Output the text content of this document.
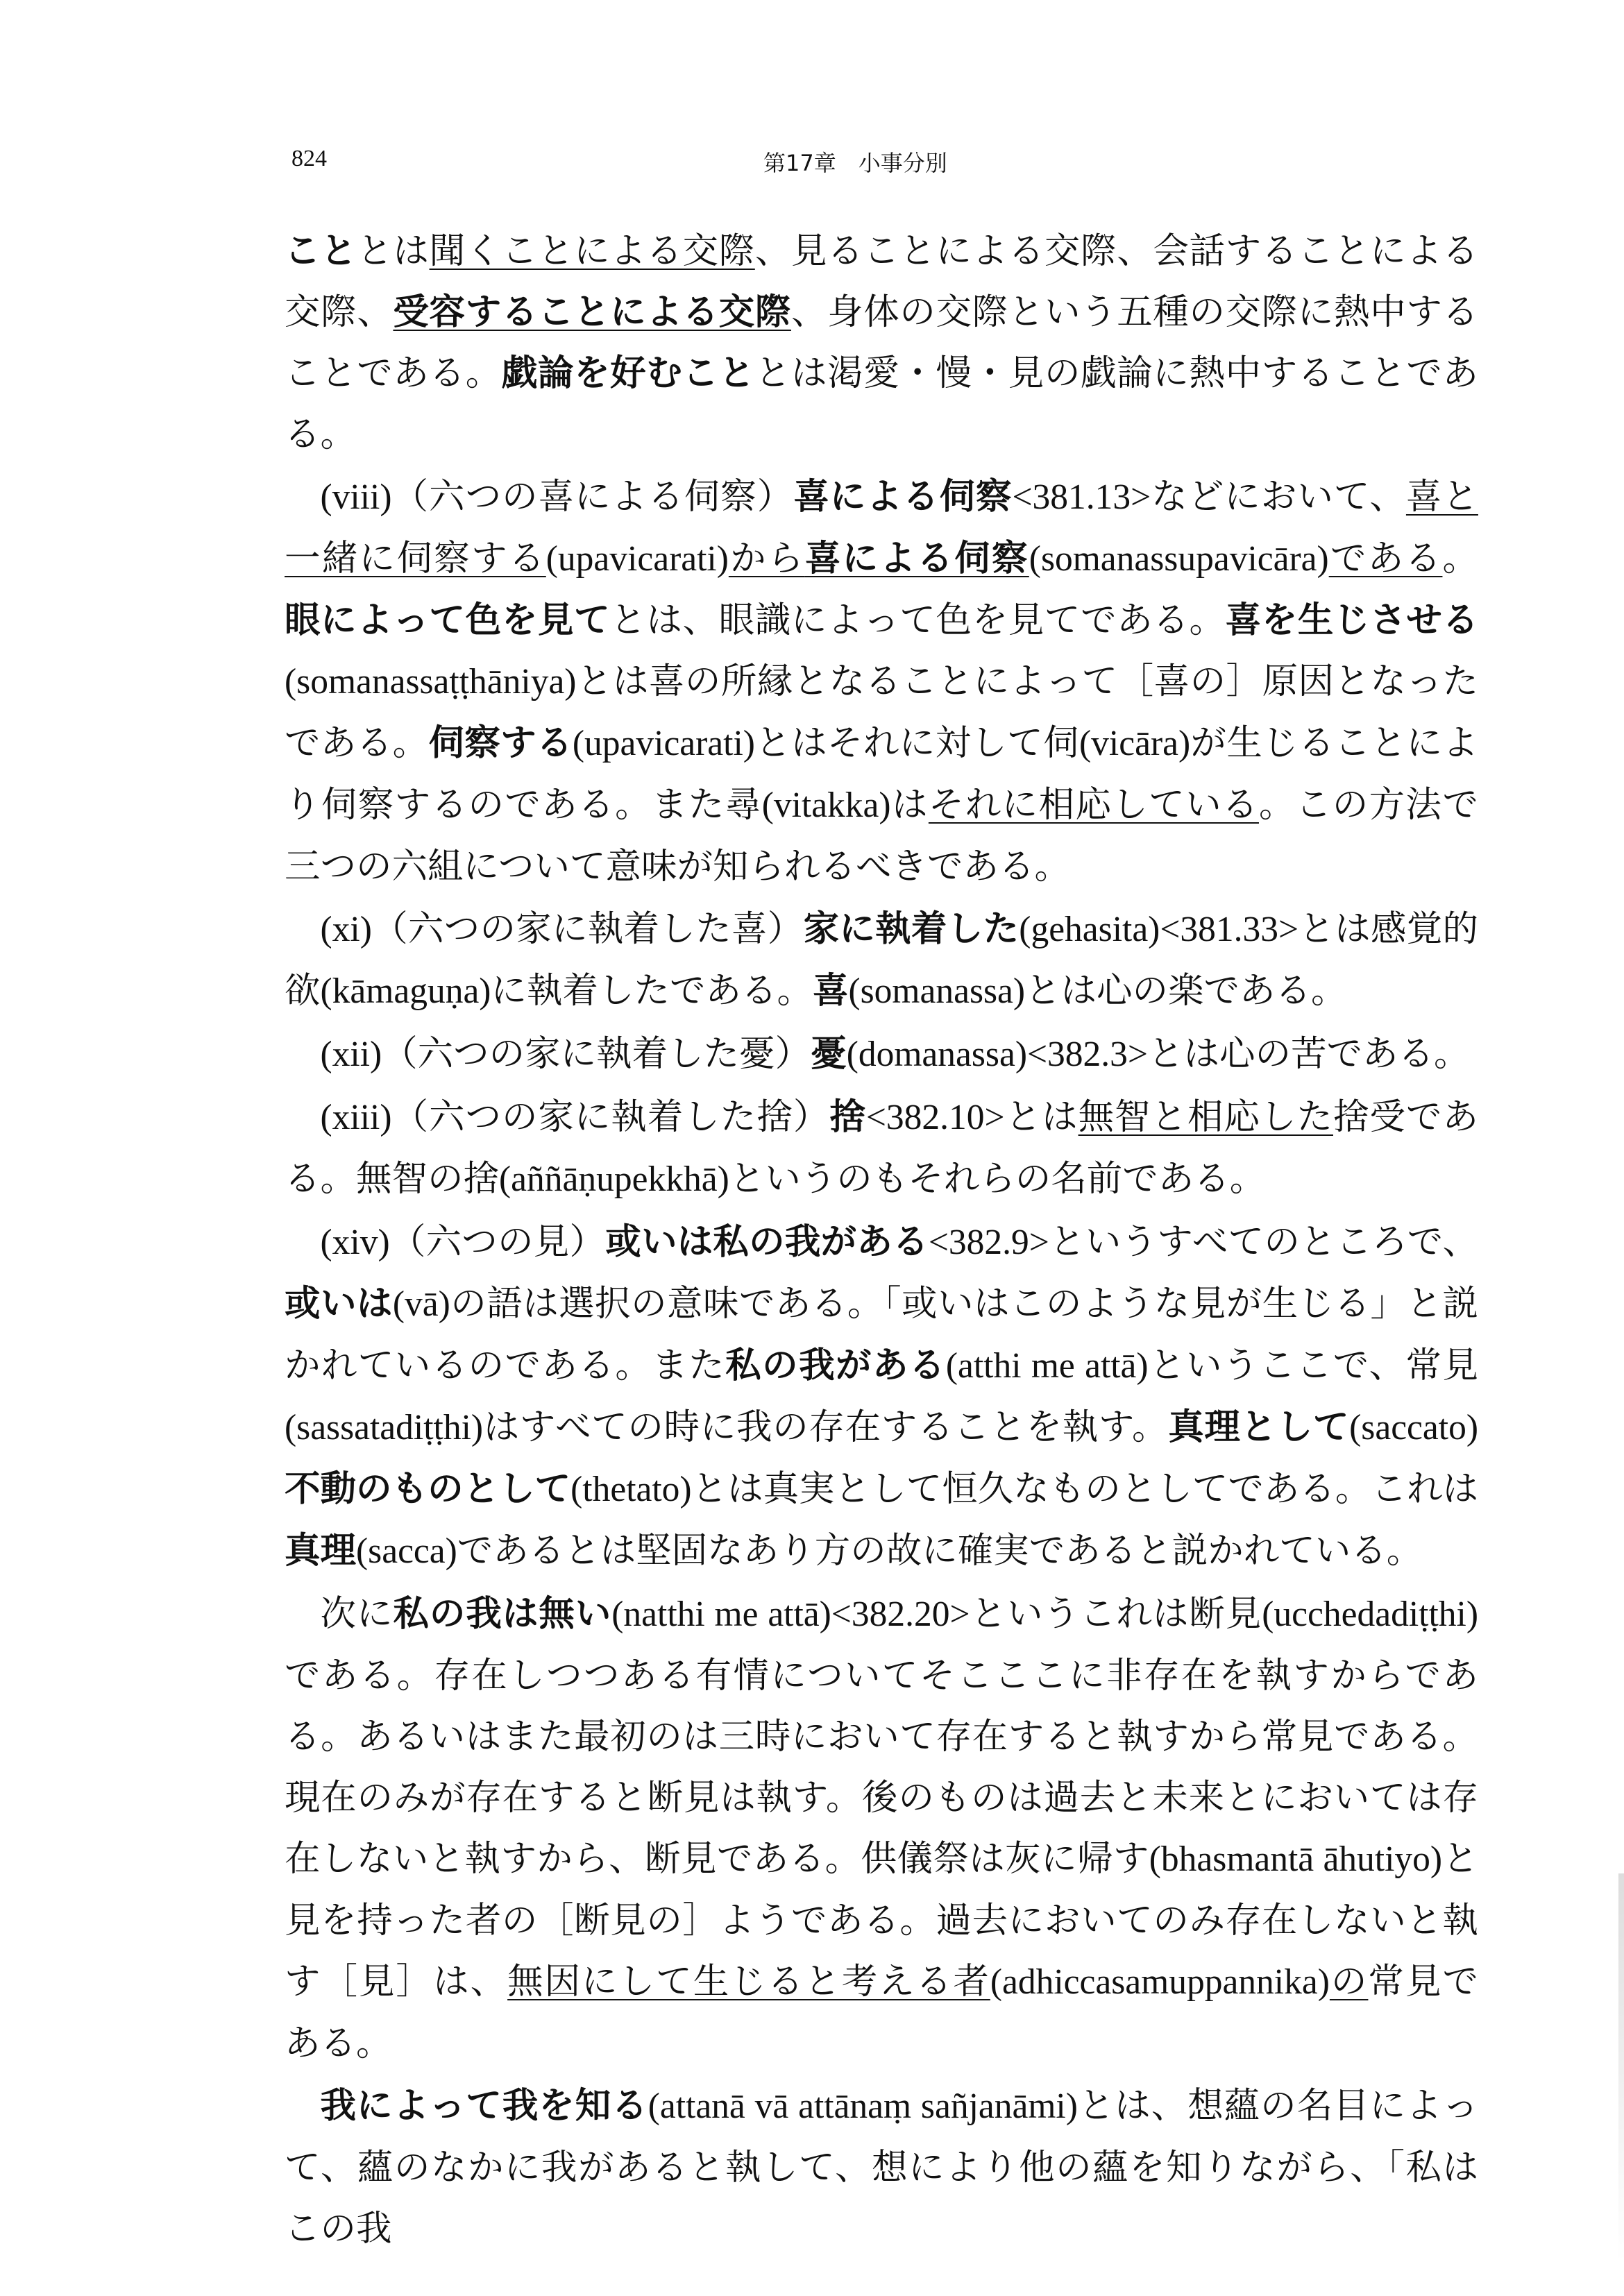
824	第17章　小事分別

こととは聞くことによる交際、見ることによる交際、会話することによる交際、受容することによる交際、身体の交際という五種の交際に熱中することである。戯論を好むこととは渇愛・慢・見の戯論に熱中することである。

(viii)（六つの喜による伺察）喜による伺察<381.13>などにおいて、喜と一緒に伺察する(upavicarati)から喜による伺察(somanassupavicāra)である。眼によって色を見てとは、眼識によって色を見てである。喜を生じさせる(somanassaṭṭhāniya)とは喜の所縁となることによって［喜の］原因となったである。伺察する(upavicarati)とはそれに対して伺(vicāra)が生じることにより伺察するのである。また尋(vitakka)はそれに相応している。この方法で三つの六組について意味が知られるべきである。

(xi)（六つの家に執着した喜）家に執着した(gehasita)<381.33>とは感覚的欲(kāmaguṇa)に執着したである。喜(somanassa)とは心の楽である。

(xii)（六つの家に執着した憂）憂(domanassa)<382.3>とは心の苦である。

(xiii)（六つの家に執着した捨）捨<382.10>とは無智と相応した捨受である。無智の捨(aññāṇupekkhā)というのもそれらの名前である。

(xiv)（六つの見）或いは私の我がある<382.9>というすべてのところで、或いは(vā)の語は選択の意味である。「或いはこのような見が生じる」と説かれているのである。また私の我がある(atthi me attā)というここで、常見(sassatadiṭṭhi)はすべての時に我の存在することを執す。真理として(saccato)不動のものとして(thetato)とは真実として恒久なものとしてである。これは真理(sacca)であるとは堅固なあり方の故に確実であると説かれている。

次に私の我は無い(natthi me attā)<382.20>というこれは断見(ucchedadiṭṭhi)である。存在しつつある有情についてそこここに非存在を執すからである。あるいはまた最初のは三時において存在すると執すから常見である。現在のみが存在すると断見は執す。後のものは過去と未来とにおいては存在しないと執すから、断見である。供儀祭は灰に帰す(bhasmantā āhutiyo)と見を持った者の［断見の］ようである。過去においてのみ存在しないと執す［見］は、無因にして生じると考える者(adhiccasamuppannika)の常見である。

我によって我を知る(attanā vā attānaṃ sañjanāmi)とは、想蘊の名目によって、蘊のなかに我があると執して、想により他の蘊を知りながら、「私はこの我
